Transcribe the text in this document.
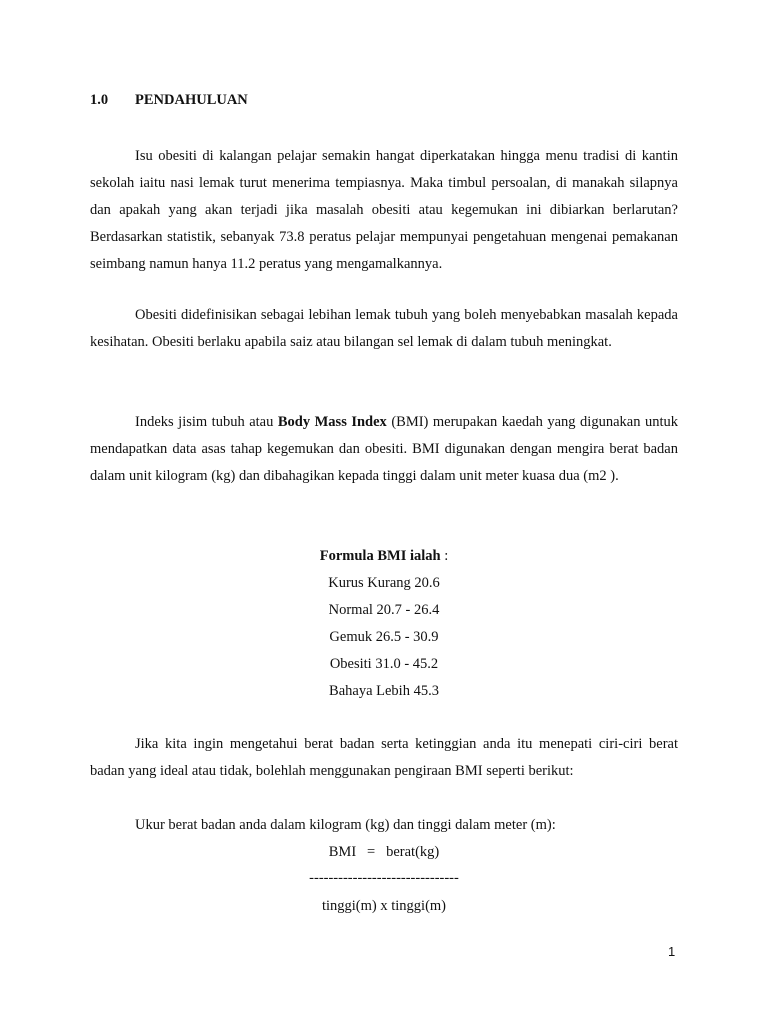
1.0 PENDAHULUAN

Isu obesiti di kalangan pelajar semakin hangat diperkatakan hingga menu tradisi di kantin sekolah iaitu nasi lemak turut menerima tempiasnya. Maka timbul persoalan, di manakah silapnya dan apakah yang akan terjadi jika masalah obesiti atau kegemukan ini dibiarkan berlarutan? Berdasarkan statistik, sebanyak 73.8 peratus pelajar mempunyai pengetahuan mengenai pemakanan seimbang namun hanya 11.2 peratus yang mengamalkannya.

Obesiti didefinisikan sebagai lebihan lemak tubuh yang boleh menyebabkan masalah kepada kesihatan. Obesiti berlaku apabila saiz atau bilangan sel lemak di dalam tubuh meningkat.

Indeks jisim tubuh atau Body Mass Index (BMI) merupakan kaedah yang digunakan untuk mendapatkan data asas tahap kegemukan dan obesiti. BMI digunakan dengan mengira berat badan dalam unit kilogram (kg) dan dibahagikan kepada tinggi dalam unit meter kuasa dua (m2 ).

Formula BMI ialah :

Kurus Kurang 20.6
Normal 20.7 - 26.4
Gemuk 26.5 - 30.9
Obesiti 31.0 - 45.2
Bahaya Lebih 45.3

Jika kita ingin mengetahui berat badan serta ketinggian anda itu menepati ciri-ciri berat badan yang ideal atau tidak, bolehlah menggunakan pengiraan BMI seperti berikut:

Ukur berat badan anda dalam kilogram (kg) dan tinggi dalam meter (m):

BMI   =   berat(kg)

-------------------------------

tinggi(m) x tinggi(m)

1
